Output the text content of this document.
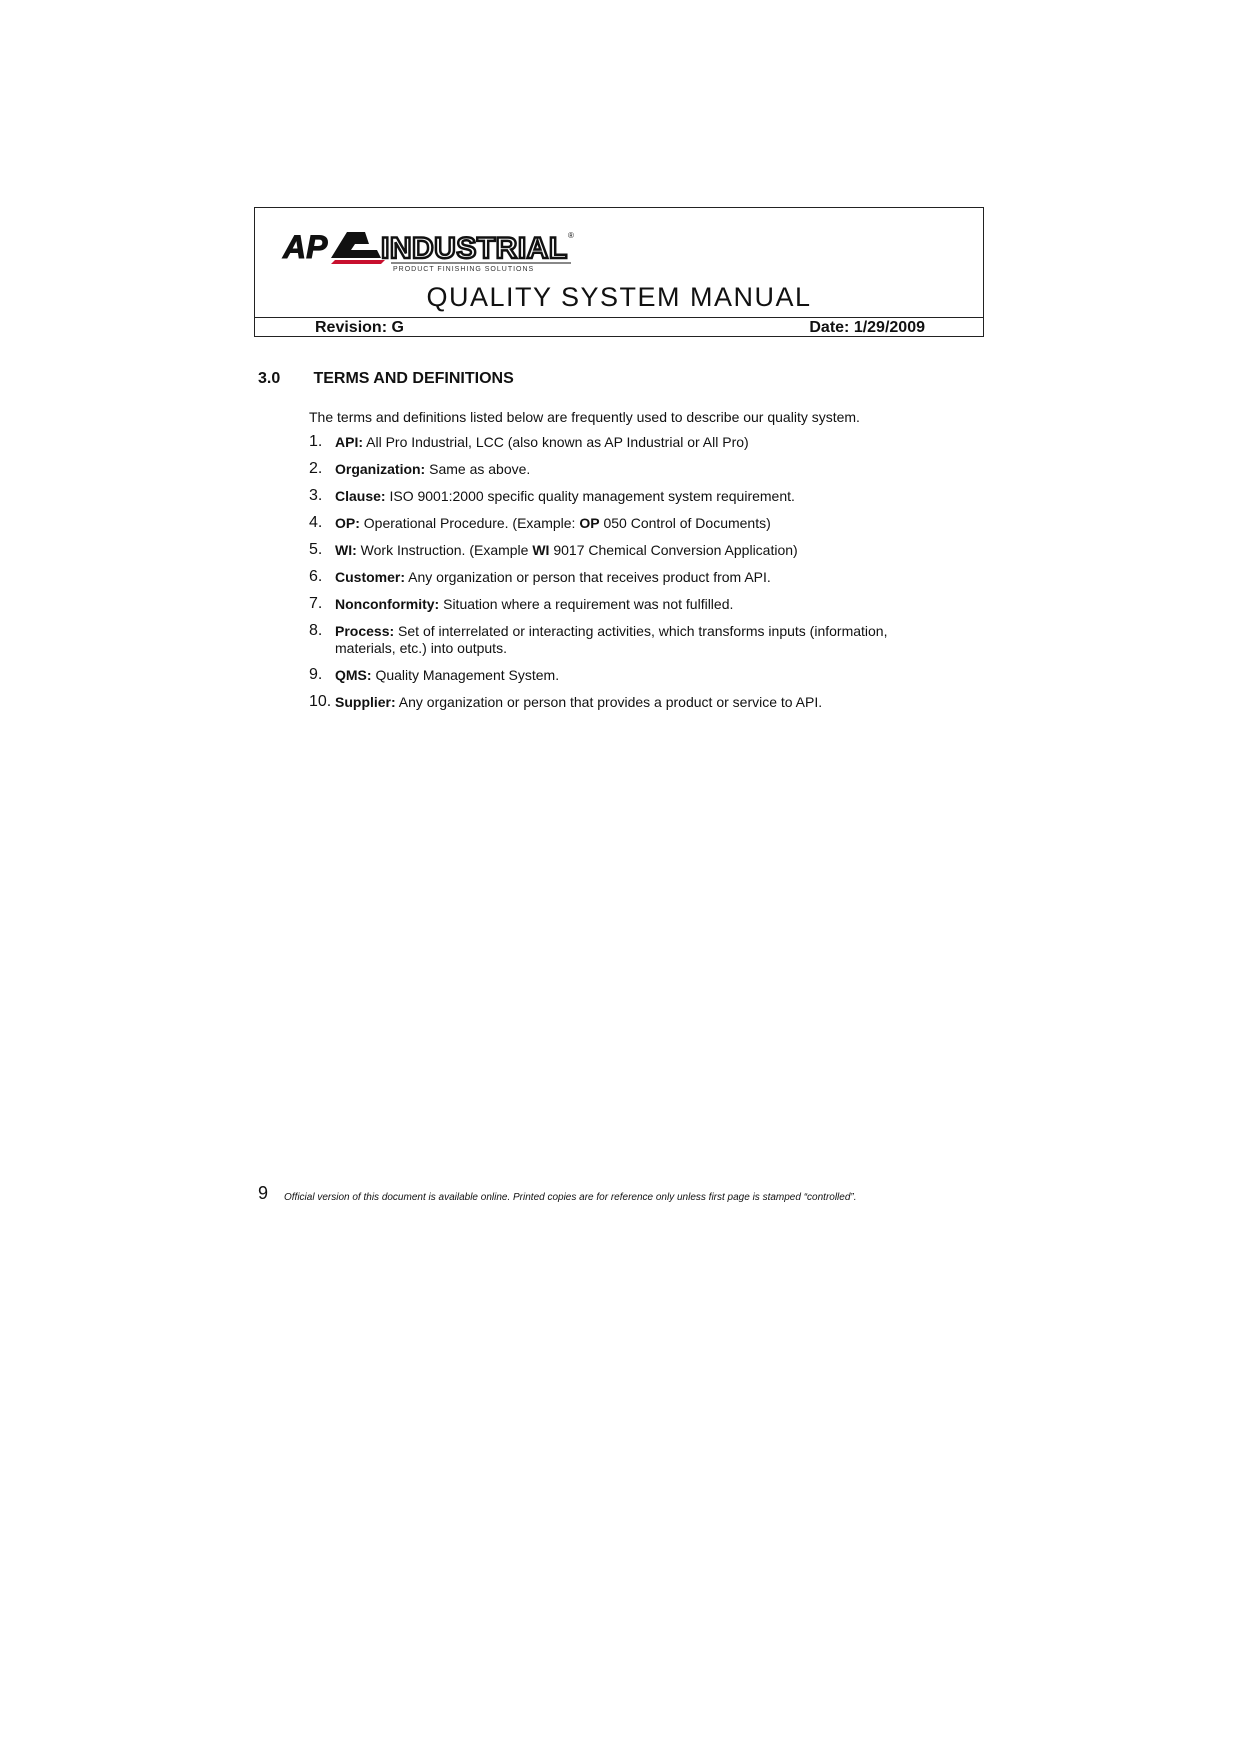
AP INDUSTRIAL ®
PRODUCT FINISHING SOLUTIONS
QUALITY SYSTEM MANUAL
Revision: G	Date: 1/29/2009
3.0 TERMS AND DEFINITIONS
The terms and definitions listed below are frequently used to describe our quality system.
1. API: All Pro Industrial, LCC (also known as AP Industrial or All Pro)
2. Organization: Same as above.
3. Clause: ISO 9001:2000 specific quality management system requirement.
4. OP: Operational Procedure. (Example: OP 050 Control of Documents)
5. WI: Work Instruction. (Example WI 9017 Chemical Conversion Application)
6. Customer: Any organization or person that receives product from API.
7. Nonconformity: Situation where a requirement was not fulfilled.
8. Process: Set of interrelated or interacting activities, which transforms inputs (information, materials, etc.) into outputs.
9. QMS: Quality Management System.
10. Supplier: Any organization or person that provides a product or service to API.
9 Official version of this document is available online. Printed copies are for reference only unless first page is stamped “controlled”.
